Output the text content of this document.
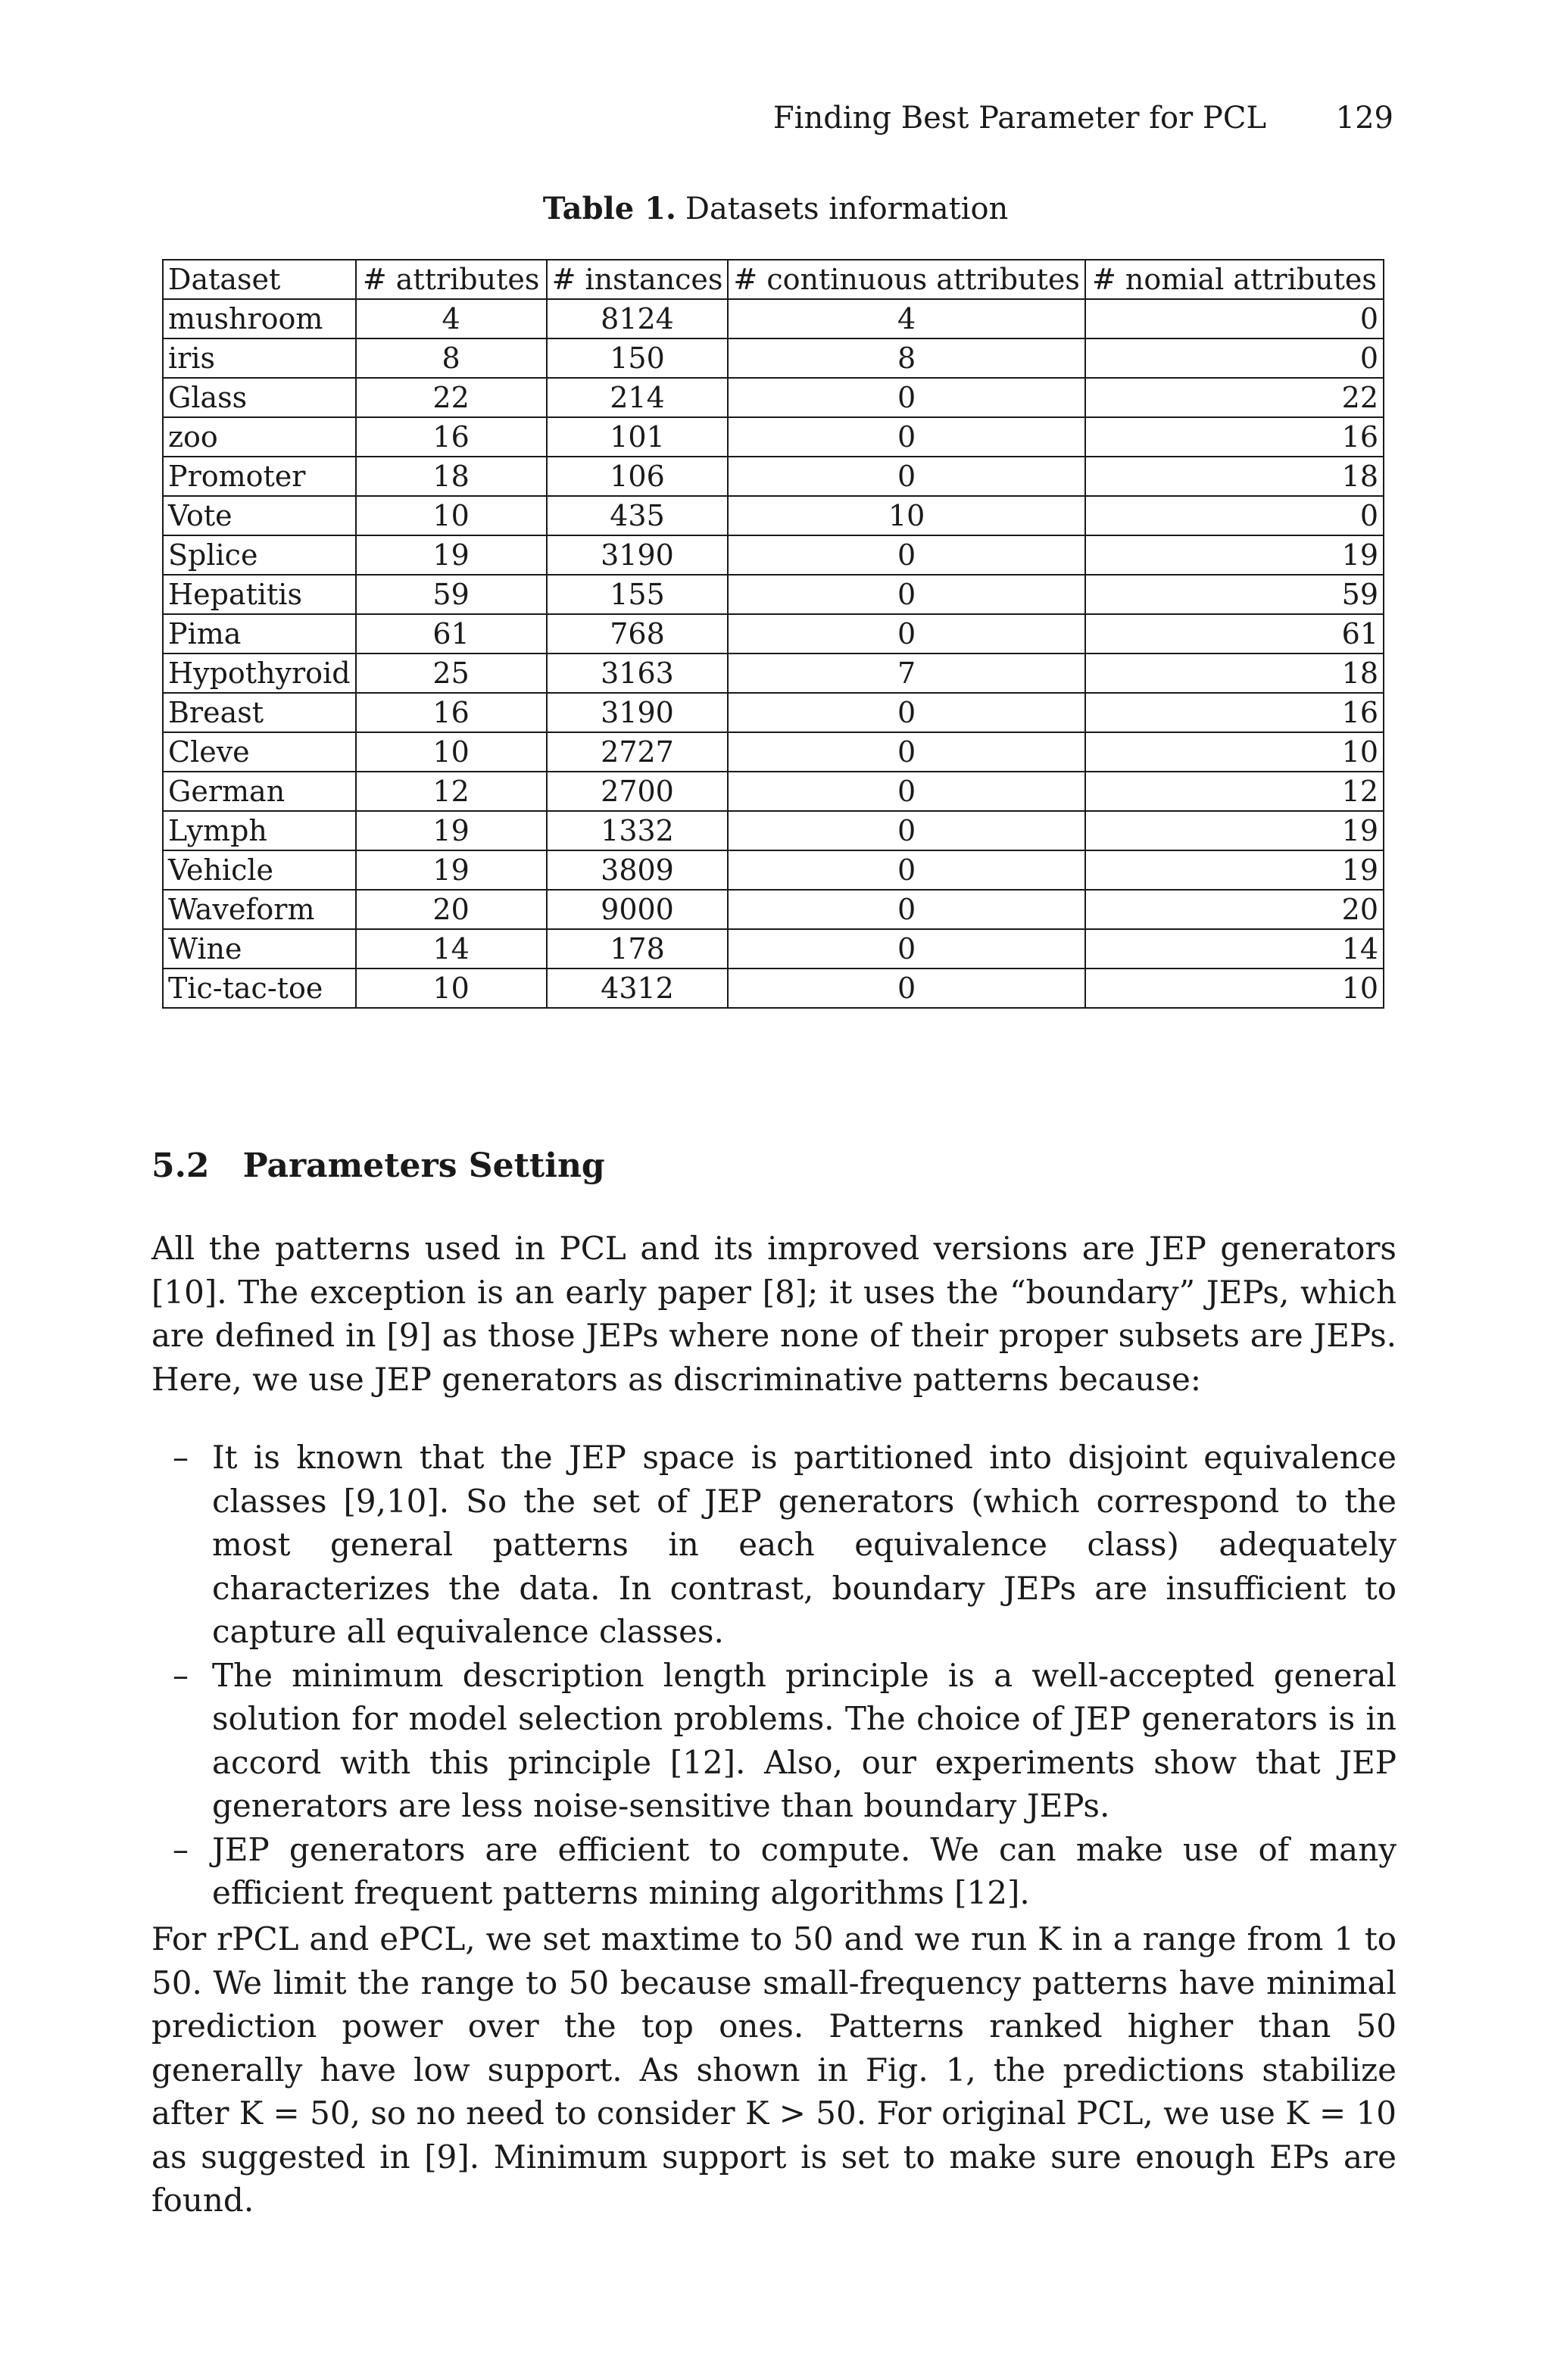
Finding Best Parameter for PCL 129
Table 1. Datasets information
Dataset	# attributes	# instances	# continuous attributes	# nomial attributes
mushroom	4	8124	4	0
iris	8	150	8	0
Glass	22	214	0	22
zoo	16	101	0	16
Promoter	18	106	0	18
Vote	10	435	10	0
Splice	19	3190	0	19
Hepatitis	59	155	0	59
Pima	61	768	0	61
Hypothyroid	25	3163	7	18
Breast	16	3190	0	16
Cleve	10	2727	0	10
German	12	2700	0	12
Lymph	19	1332	0	19
Vehicle	19	3809	0	19
Waveform	20	9000	0	20
Wine	14	178	0	14
Tic-tac-toe	10	4312	0	10
5.2 Parameters Setting

All the patterns used in PCL and its improved versions are JEP generators [10]. The exception is an early paper [8]; it uses the “boundary” JEPs, which are defined in [9] as those JEPs where none of their proper subsets are JEPs. Here, we use JEP generators as discriminative patterns because:

– It is known that the JEP space is partitioned into disjoint equivalence classes [9,10]. So the set of JEP generators (which correspond to the most general patterns in each equivalence class) adequately characterizes the data. In contrast, boundary JEPs are insufficient to capture all equivalence classes.
– The minimum description length principle is a well-accepted general solution for model selection problems. The choice of JEP generators is in accord with this principle [12]. Also, our experiments show that JEP generators are less noise-sensitive than boundary JEPs.
– JEP generators are efficient to compute. We can make use of many efficient frequent patterns mining algorithms [12].

For rPCL and ePCL, we set maxtime to 50 and we run K in a range from 1 to 50. We limit the range to 50 because small-frequency patterns have minimal prediction power over the top ones. Patterns ranked higher than 50 generally have low support. As shown in Fig. 1, the predictions stabilize after K = 50, so no need to consider K > 50. For original PCL, we use K = 10 as suggested in [9]. Minimum support is set to make sure enough EPs are found.
